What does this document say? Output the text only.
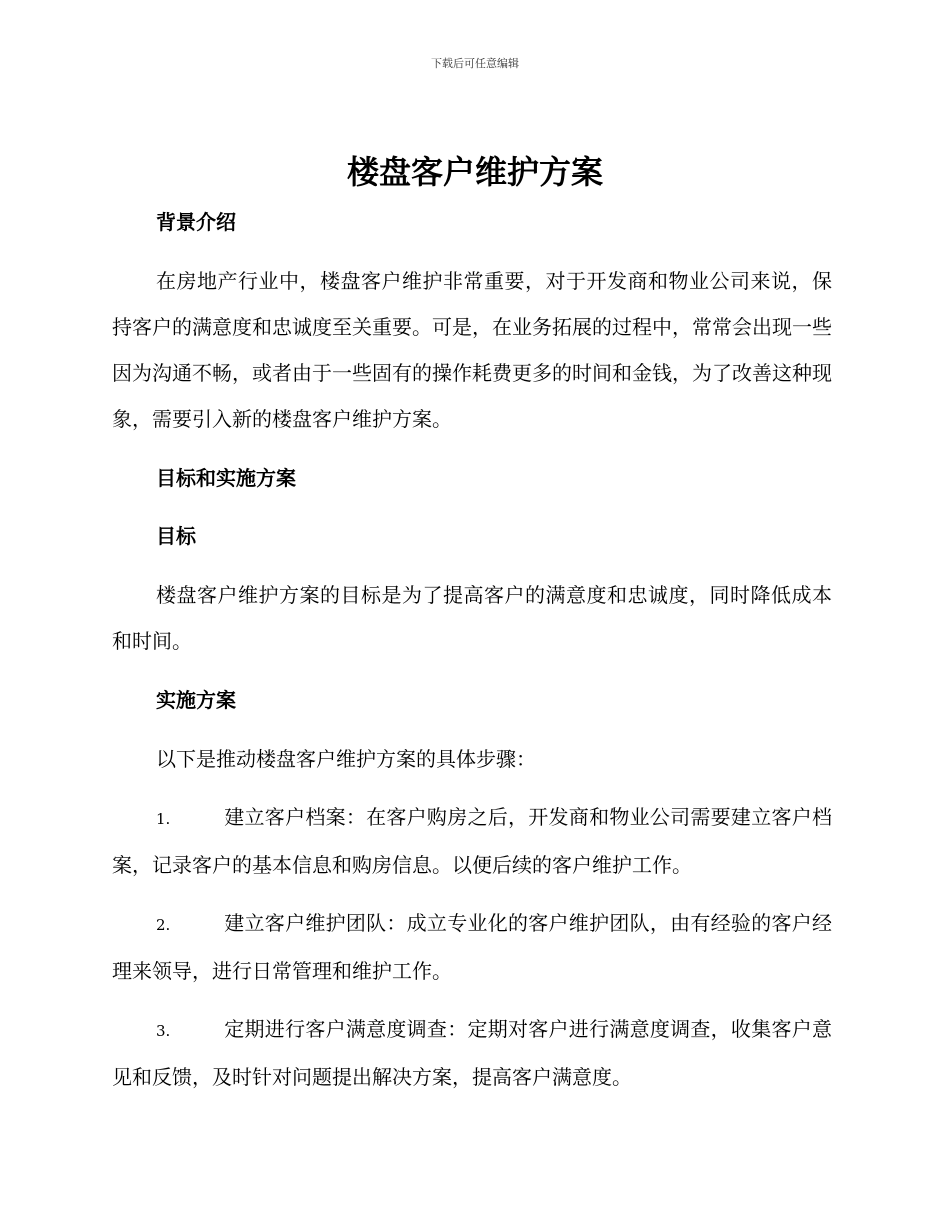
下载后可任意编辑
楼盘客户维护方案
背景介绍

在房地产行业中，楼盘客户维护非常重要，对于开发商和物业公司来说，保持客户的满意度和忠诚度至关重要。可是，在业务拓展的过程中，常常会出现一些因为沟通不畅，或者由于一些固有的操作耗费更多的时间和金钱，为了改善这种现象，需要引入新的楼盘客户维护方案。

目标和实施方案
目标

楼盘客户维护方案的目标是为了提高客户的满意度和忠诚度，同时降低成本和时间。

实施方案

以下是推动楼盘客户维护方案的具体步骤：

1.	建立客户档案：在客户购房之后，开发商和物业公司需要建立客户档案，记录客户的基本信息和购房信息。以便后续的客户维护工作。

2.	建立客户维护团队：成立专业化的客户维护团队，由有经验的客户经理来领导，进行日常管理和维护工作。

3.	定期进行客户满意度调查：定期对客户进行满意度调查，收集客户意见和反馈，及时针对问题提出解决方案，提高客户满意度。
